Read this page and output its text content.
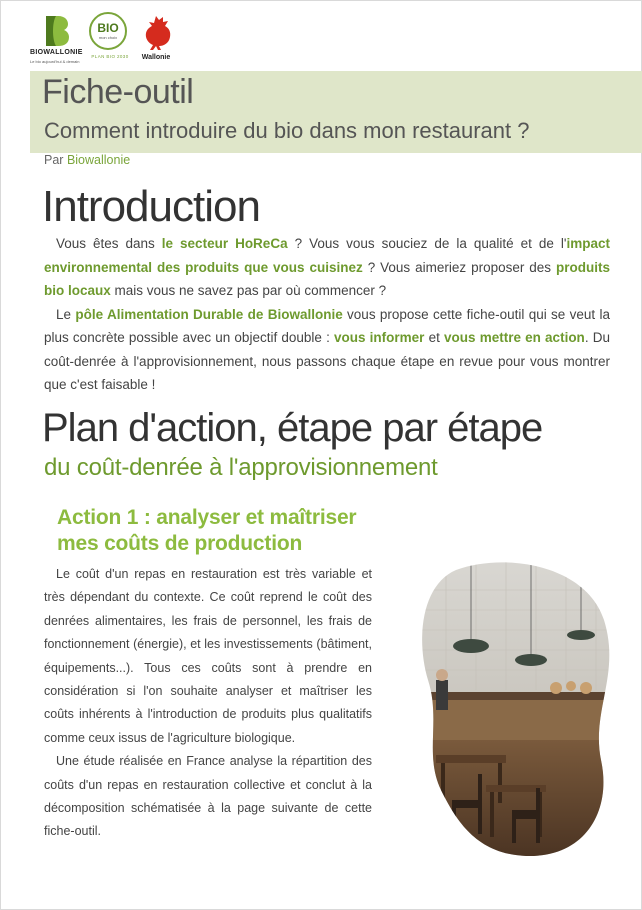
BIOWALLONIE
Le bio aujourd'hui & demain
BIO
mon choix
PLAN BIO 2030	Wallonie
Fiche-outil
Comment introduire du bio dans mon restaurant ?
Par Biowallonie
Introduction

Vous êtes dans le secteur HoReCa ? Vous vous souciez de la qualité et de l'impact environnemental des produits que vous cuisinez ? Vous aimeriez proposer des produits bio locaux mais vous ne savez pas par où commencer ?

Le pôle Alimentation Durable de Biowallonie vous propose cette fiche-outil qui se veut la plus concrète possible avec un objectif double : vous informer et vous mettre en action. Du coût-denrée à l'approvisionnement, nous passons chaque étape en revue pour vous montrer que c'est faisable !

Plan d'action, étape par étape
du coût-denrée à l'approvisionnement
Action 1 : analyser et maîtriser
mes coûts de production

Le coût d'un repas en restauration est très variable et très dépendant du contexte. Ce coût reprend le coût des denrées alimentaires, les frais de personnel, les frais de fonctionnement (énergie), et les investissements (bâtiment, équipements...). Tous ces coûts sont à prendre en considération si l'on souhaite analyser et maîtriser les coûts inhérents à l'introduction de produits plus qualitatifs comme ceux issus de l'agriculture biologique.

Une étude réalisée en France analyse la répartition des coûts d'un repas en restauration collective et conclut à la décomposition schématisée à la page suivante de cette fiche-outil.
